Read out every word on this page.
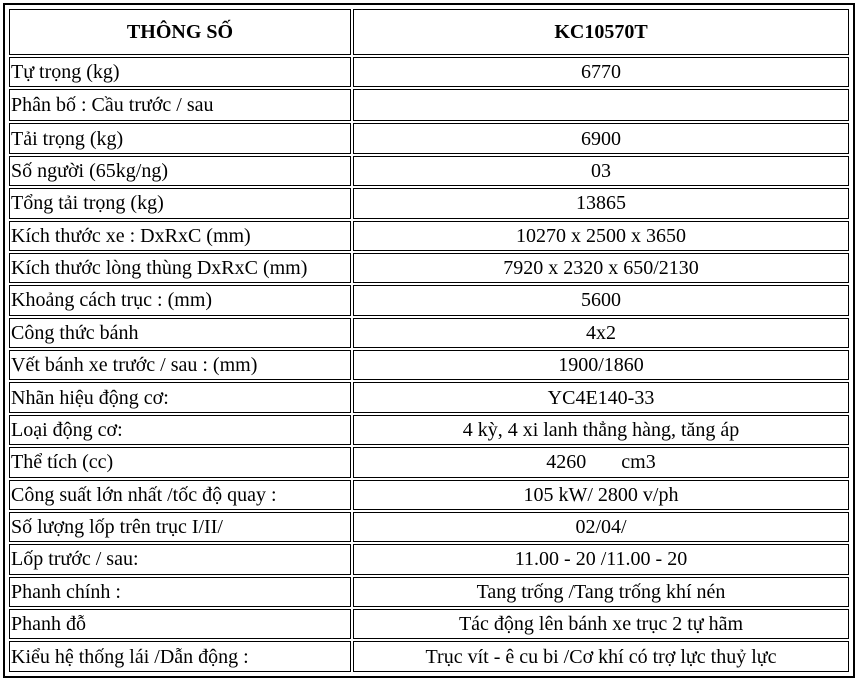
THÔNG SỐ	KC10570T
Tự trọng (kg)	6770
Phân bố : Cầu trước / sau	
Tải trọng (kg)	6900
Số người (65kg/ng)	03
Tổng tải trọng (kg)	13865
Kích thước xe : DxRxC (mm)	10270 x 2500 x 3650
Kích thước lòng thùng DxRxC (mm)	7920 x 2320 x 650/2130
Khoảng cách trục : (mm)	5600
Công thức bánh	4x2
Vết bánh xe trước / sau : (mm)	1900/1860
Nhãn hiệu động cơ:	YC4E140-33
Loại động cơ:	4 kỳ, 4 xi lanh thẳng hàng, tăng áp
Thể tích (cc)	4260       cm3
Công suất lớn nhất /tốc độ quay :	105 kW/ 2800 v/ph
Số lượng lốp trên trục I/II/	02/04/
Lốp trước / sau:	11.00 - 20 /11.00 - 20
Phanh chính :	Tang trống /Tang trống khí nén
Phanh đỗ	Tác động lên bánh xe trục 2 tự hãm
Kiểu hệ thống lái /Dẫn động :	Trục vít - ê cu bi /Cơ khí có trợ lực thuỷ lực
